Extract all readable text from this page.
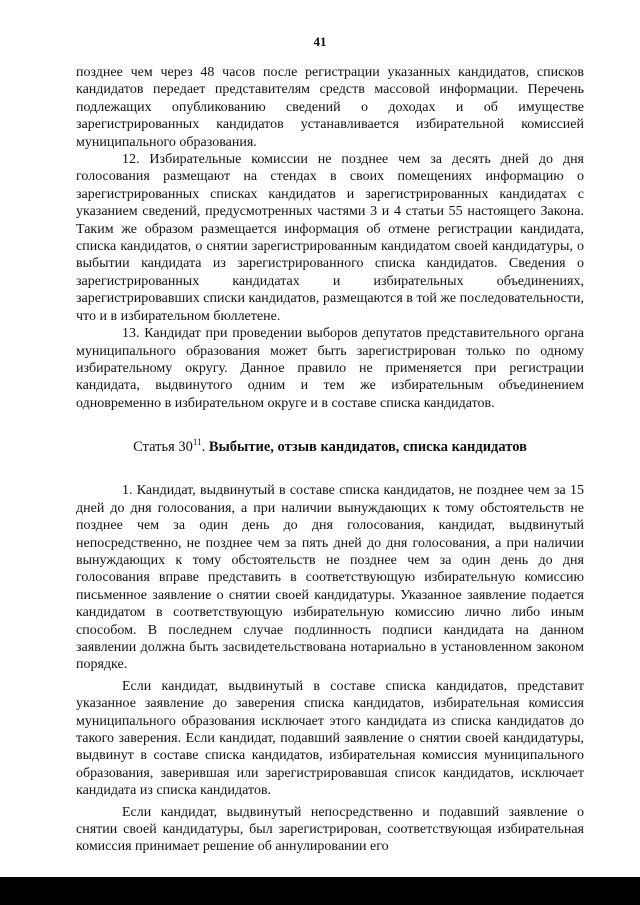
41

позднее чем через 48 часов после регистрации указанных кандидатов, списков кандидатов передает представителям средств массовой информации. Перечень подлежащих опубликованию сведений о доходах и об имуществе зарегистрированных кандидатов устанавливается избирательной комиссией муниципального образования.

12. Избирательные комиссии не позднее чем за десять дней до дня голосования размещают на стендах в своих помещениях информацию о зарегистрированных списках кандидатов и зарегистрированных кандидатах с указанием сведений, предусмотренных частями 3 и 4 статьи 55 настоящего Закона. Таким же образом размещается информация об отмене регистрации кандидата, списка кандидатов, о снятии зарегистрированным кандидатом своей кандидатуры, о выбытии кандидата из зарегистрированного списка кандидатов. Сведения о зарегистрированных кандидатах и избирательных объединениях, зарегистрировавших списки кандидатов, размещаются в той же последовательности, что и в избирательном бюллетене.

13. Кандидат при проведении выборов депутатов представительного органа муниципального образования может быть зарегистрирован только по одному избирательному округу. Данное правило не применяется при регистрации кандидата, выдвинутого одним и тем же избирательным объединением одновременно в избирательном округе и в составе списка кандидатов.

Статья $30^{11}$. Выбытие, отзыв кандидатов, списка кандидатов

1. Кандидат, выдвинутый в составе списка кандидатов, не позднее чем за 15 дней до дня голосования, а при наличии вынуждающих к тому обстоятельств не позднее чем за один день до дня голосования, кандидат, выдвинутый непосредственно, не позднее чем за пять дней до дня голосования, а при наличии вынуждающих к тому обстоятельств не позднее чем за один день до дня голосования вправе представить в соответствующую избирательную комиссию письменное заявление о снятии своей кандидатуры. Указанное заявление подается кандидатом в соответствующую избирательную комиссию лично либо иным способом. В последнем случае подлинность подписи кандидата на данном заявлении должна быть засвидетельствована нотариально в установленном законом порядке.

Если кандидат, выдвинутый в составе списка кандидатов, представит указанное заявление до заверения списка кандидатов, избирательная комиссия муниципального образования исключает этого кандидата из списка кандидатов до такого заверения. Если кандидат, подавший заявление о снятии своей кандидатуры, выдвинут в составе списка кандидатов, избирательная комиссия муниципального образования, заверившая или зарегистрировавшая список кандидатов, исключает кандидата из списка кандидатов.

Если кандидат, выдвинутый непосредственно и подавший заявление о снятии своей кандидатуры, был зарегистрирован, соответствующая избирательная комиссия принимает решение об аннулировании его
